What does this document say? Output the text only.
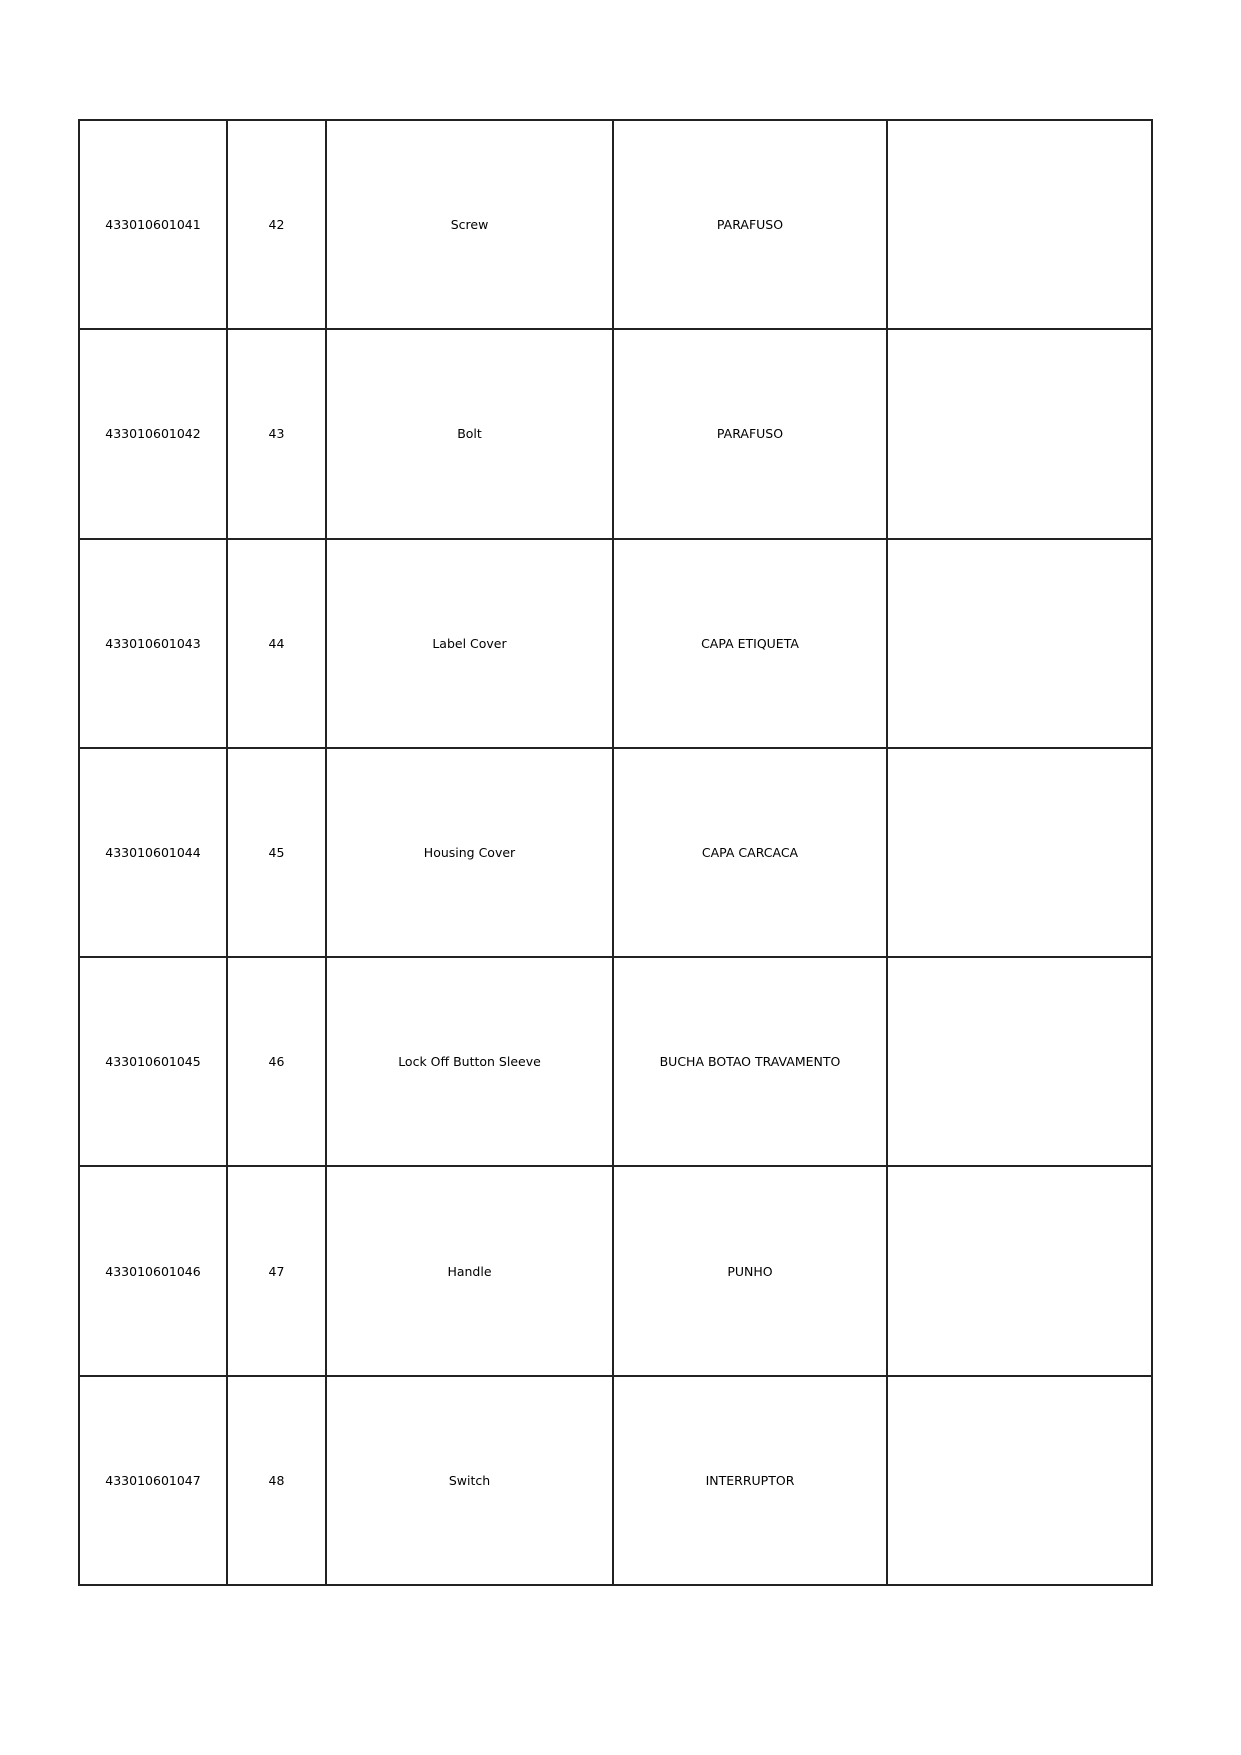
433010601041	42	Screw	PARAFUSO	
433010601042	43	Bolt	PARAFUSO	
433010601043	44	Label Cover	CAPA ETIQUETA	
433010601044	45	Housing Cover	CAPA CARCACA	
433010601045	46	Lock Off Button Sleeve	BUCHA BOTAO TRAVAMENTO	
433010601046	47	Handle	PUNHO	
433010601047	48	Switch	INTERRUPTOR	
